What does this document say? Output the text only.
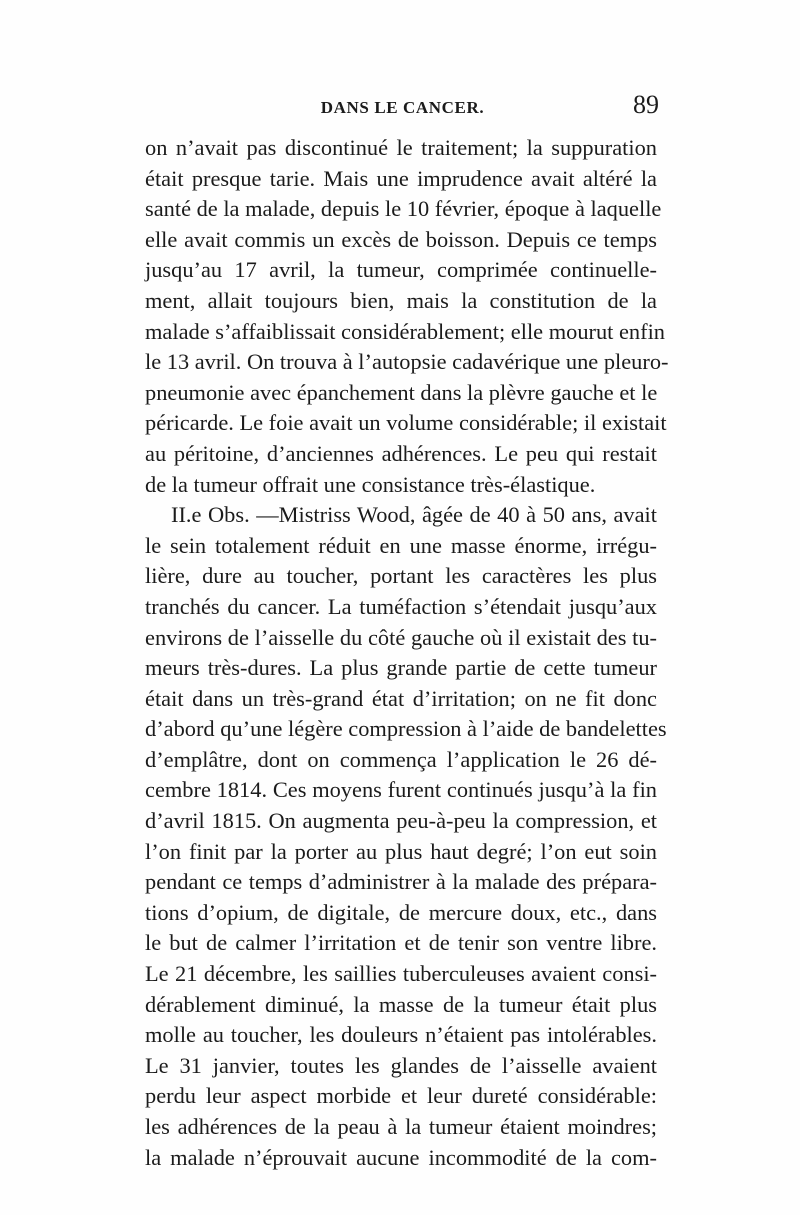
DANS LE CANCER.	89
on n’avait pas discontinué le traitement; la suppuration
était presque tarie. Mais une imprudence avait altéré la
santé de la malade, depuis le 10 février, époque à laquelle
elle avait commis un excès de boisson. Depuis ce temps
jusqu’au 17 avril, la tumeur, comprimée continuelle-
ment, allait toujours bien, mais la constitution de la
malade s’affaiblissait considérablement; elle mourut enfin
le 13 avril. On trouva à l’autopsie cadavérique une pleuro-
pneumonie avec épanchement dans la plèvre gauche et le
péricarde. Le foie avait un volume considérable; il existait
au péritoine, d’anciennes adhérences. Le peu qui restait
de la tumeur offrait une consistance très-élastique.
II.e Obs. —Mistriss Wood, âgée de 40 à 50 ans, avait
le sein totalement réduit en une masse énorme, irrégu-
lière, dure au toucher, portant les caractères les plus
tranchés du cancer. La tuméfaction s’étendait jusqu’aux
environs de l’aisselle du côté gauche où il existait des tu-
meurs très-dures. La plus grande partie de cette tumeur
était dans un très-grand état d’irritation; on ne fit donc
d’abord qu’une légère compression à l’aide de bandelettes
d’emplâtre, dont on commença l’application le 26 dé-
cembre 1814. Ces moyens furent continués jusqu’à la fin
d’avril 1815. On augmenta peu-à-peu la compression, et
l’on finit par la porter au plus haut degré; l’on eut soin
pendant ce temps d’administrer à la malade des prépara-
tions d’opium, de digitale, de mercure doux, etc., dans
le but de calmer l’irritation et de tenir son ventre libre.
Le 21 décembre, les saillies tuberculeuses avaient consi-
dérablement diminué, la masse de la tumeur était plus
molle au toucher, les douleurs n’étaient pas intolérables.
Le 31 janvier, toutes les glandes de l’aisselle avaient
perdu leur aspect morbide et leur dureté considérable:
les adhérences de la peau à la tumeur étaient moindres;
la malade n’éprouvait aucune incommodité de la com-
